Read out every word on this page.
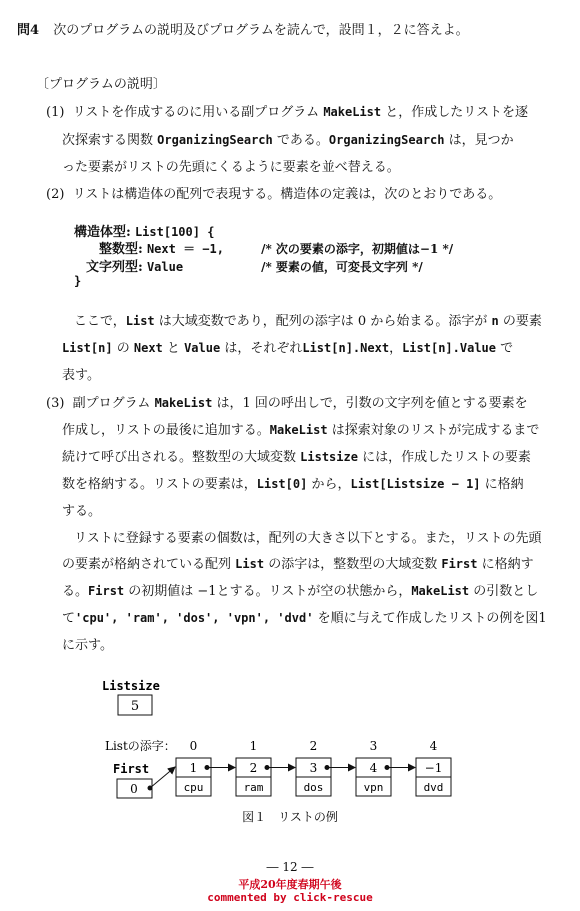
問4 次のプログラムの説明及びプログラムを読んで，設問１，２に答えよ。
〔プログラムの説明〕
(1) リストを作成するのに用いる副プログラム MakeList と，作成したリストを逐
次探索する関数 OrganizingSearch である。OrganizingSearch は，見つか
った要素がリストの先頭にくるように要素を並べ替える。
(2) リストは構造体の配列で表現する。構造体の定義は，次のとおりである。
構造体型: List[100] {
整数型: Next ＝ −1,	/* 次の要素の添字，初期値は−1 */
文字列型: Value	/* 要素の値，可変長文字列 */
}
ここで，List は大域変数であり，配列の添字は 0 から始まる。添字が n の要素
List[n] の Next と Value は，それぞれList[n].Next，List[n].Value で
表す。
(3) 副プログラム MakeList は，1 回の呼出しで，引数の文字列を値とする要素を
作成し，リストの最後に追加する。MakeList は探索対象のリストが完成するまで
続けて呼び出される。整数型の大域変数 Listsize には，作成したリストの要素
数を格納する。リストの要素は，List[0] から，List[Listsize − 1] に格納
する。
リストに登録する要素の個数は，配列の大きさ以下とする。また，リストの先頭
の要素が格納されている配列 List の添字は，整数型の大域変数 First に格納す
る。First の初期値は −1とする。リストが空の状態から，MakeList の引数とし
て'cpu', 'ram', 'dos', 'vpn', 'dvd' を順に与えて作成したリストの例を図1
に示す。
Listsize
5
Listの添字： 0	1	2	3	4
First
0
1
cpu
2
ram
3
dos
4
vpn
−1
dvd
図１　リストの例
― 12 ―
平成20年度春期午後
commented by click-rescue
